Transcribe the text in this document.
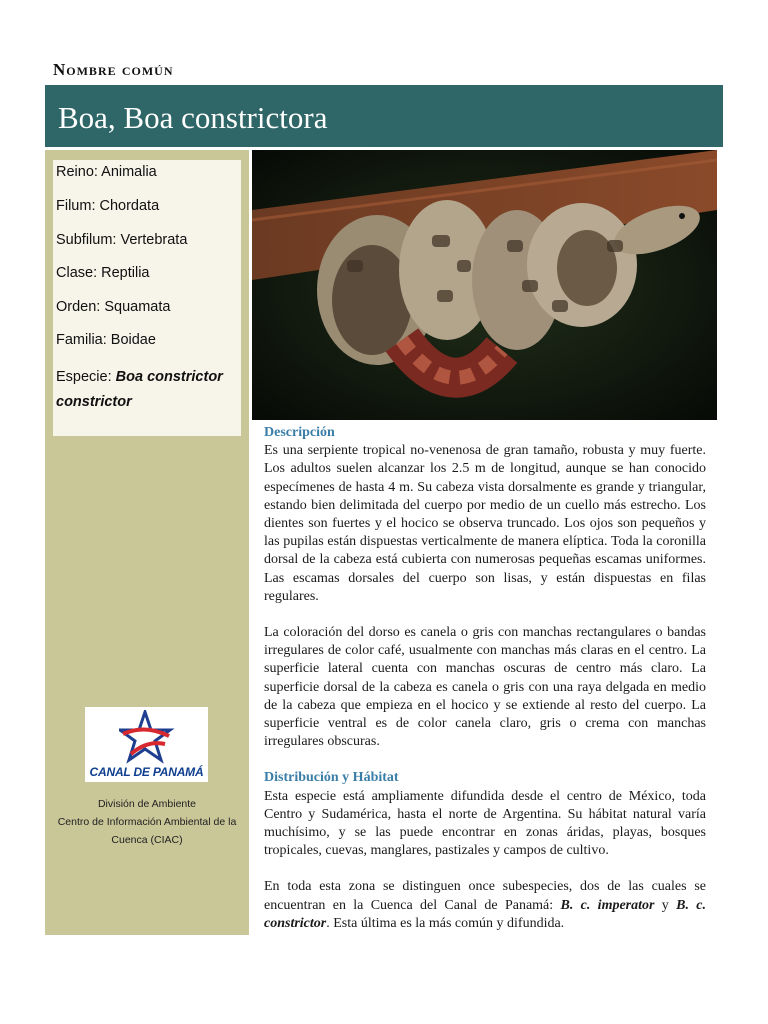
Nombre común
Boa, Boa constrictora
Reino: Animalia
Filum: Chordata
Subfilum: Vertebrata
Clase: Reptilia
Orden: Squamata
Familia: Boidae
Especie: Boa constrictor constrictor
CANAL DE PANAMÁ
División de Ambiente
Centro de Información Ambiental de la Cuenca (CIAC)
Descripción

Es una serpiente tropical no-venenosa de gran tamaño, robusta y muy fuerte. Los adultos suelen alcanzar los 2.5 m de longitud, aunque se han conocido especímenes de hasta 4 m. Su cabeza vista dorsalmente es grande y triangular, estando bien delimitada del cuerpo por medio de un cuello más estrecho. Los dientes son fuertes y el hocico se observa truncado. Los ojos son pequeños y las pupilas están dispuestas verticalmente de manera elíptica. Toda la coronilla dorsal de la cabeza está cubierta con numerosas pequeñas escamas uniformes. Las escamas dorsales del cuerpo son lisas, y están dispuestas en filas regulares.

La coloración del dorso es canela o gris con manchas rectangulares o bandas irregulares de color café, usualmente con manchas más claras en el centro. La superficie lateral cuenta con manchas oscuras de centro más claro. La superficie dorsal de la cabeza es canela o gris con una raya delgada en medio de la cabeza que empieza en el hocico y se extiende al resto del cuerpo. La superficie ventral es de color canela claro, gris o crema con manchas irregulares obscuras.

Distribución y Hábitat

Esta especie está ampliamente difundida desde el centro de México, toda Centro y Sudamérica, hasta el norte de Argentina. Su hábitat natural varía muchísimo, y se las puede encontrar en zonas áridas, playas, bosques tropicales, cuevas, manglares, pastizales y campos de cultivo.

En toda esta zona se distinguen once subespecies, dos de las cuales se encuentran en la Cuenca del Canal de Panamá: B. c. imperator y B. c. constrictor. Esta última es la más común y difundida.
